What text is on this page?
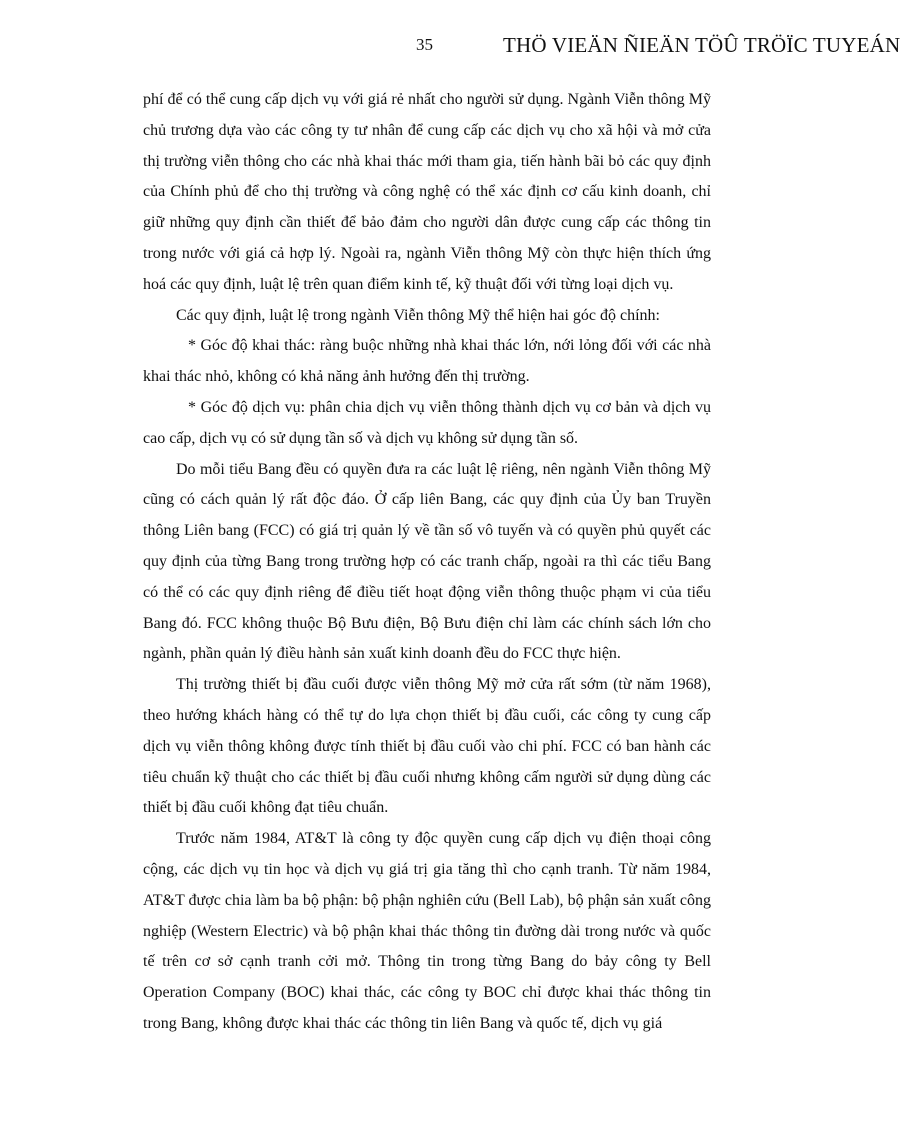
35	THÖ VIEÄN ÑIEÄN TÖÛ TRÖÏC TUYEÁN

phí để có thể cung cấp dịch vụ với giá rẻ nhất cho người sử dụng. Ngành Viễn thông Mỹ chủ trương dựa vào các công ty tư nhân để cung cấp các dịch vụ cho xã hội và mở cửa thị trường viễn thông cho các nhà khai thác mới tham gia, tiến hành bãi bỏ các quy định của Chính phủ để cho thị trường và công nghệ có thể xác định cơ cấu kinh doanh, chỉ giữ những quy định cần thiết để bảo đảm cho người dân được cung cấp các thông tin trong nước với giá cả hợp lý. Ngoài ra, ngành Viễn thông Mỹ còn thực hiện thích ứng hoá các quy định, luật lệ trên quan điểm kinh tế, kỹ thuật đối với từng loại dịch vụ.

Các quy định, luật lệ trong ngành Viễn thông Mỹ thể hiện hai góc độ chính:

* Góc độ khai thác: ràng buộc những nhà khai thác lớn, nới lỏng đối với các nhà khai thác nhỏ, không có khả năng ảnh hưởng đến thị trường.

* Góc độ dịch vụ: phân chia dịch vụ viễn thông thành dịch vụ cơ bản và dịch vụ cao cấp, dịch vụ có sử dụng tần số và dịch vụ không sử dụng tần số.

Do mỗi tiểu Bang đều có quyền đưa ra các luật lệ riêng, nên ngành Viễn thông Mỹ cũng có cách quản lý rất độc đáo. Ở cấp liên Bang, các quy định của Ủy ban Truyền thông Liên bang (FCC) có giá trị quản lý về tần số vô tuyến và có quyền phủ quyết các quy định của từng Bang trong trường hợp có các tranh chấp, ngoài ra thì các tiểu Bang có thể có các quy định riêng để điều tiết hoạt động viễn thông thuộc phạm vi của tiểu Bang đó. FCC không thuộc Bộ Bưu điện, Bộ Bưu điện chỉ làm các chính sách lớn cho ngành, phần quản lý điều hành sản xuất kinh doanh đều do FCC thực hiện.

Thị trường thiết bị đầu cuối được viễn thông Mỹ mở cửa rất sớm (từ năm 1968), theo hướng khách hàng có thể tự do lựa chọn thiết bị đầu cuối, các công ty cung cấp dịch vụ viễn thông không được tính thiết bị đầu cuối vào chi phí. FCC có ban hành các tiêu chuẩn kỹ thuật cho các thiết bị đầu cuối nhưng không cấm người sử dụng dùng các thiết bị đầu cuối không đạt tiêu chuẩn.

Trước năm 1984, AT&T là công ty độc quyền cung cấp dịch vụ điện thoại công cộng, các dịch vụ tin học và dịch vụ giá trị gia tăng thì cho cạnh tranh. Từ năm 1984, AT&T được chia làm ba bộ phận: bộ phận nghiên cứu (Bell Lab), bộ phận sản xuất công nghiệp (Western Electric) và bộ phận khai thác thông tin đường dài trong nước và quốc tế trên cơ sở cạnh tranh cởi mở. Thông tin trong từng Bang do bảy công ty Bell Operation Company (BOC) khai thác, các công ty BOC chỉ được khai thác thông tin trong Bang, không được khai thác các thông tin liên Bang và quốc tế, dịch vụ giá
